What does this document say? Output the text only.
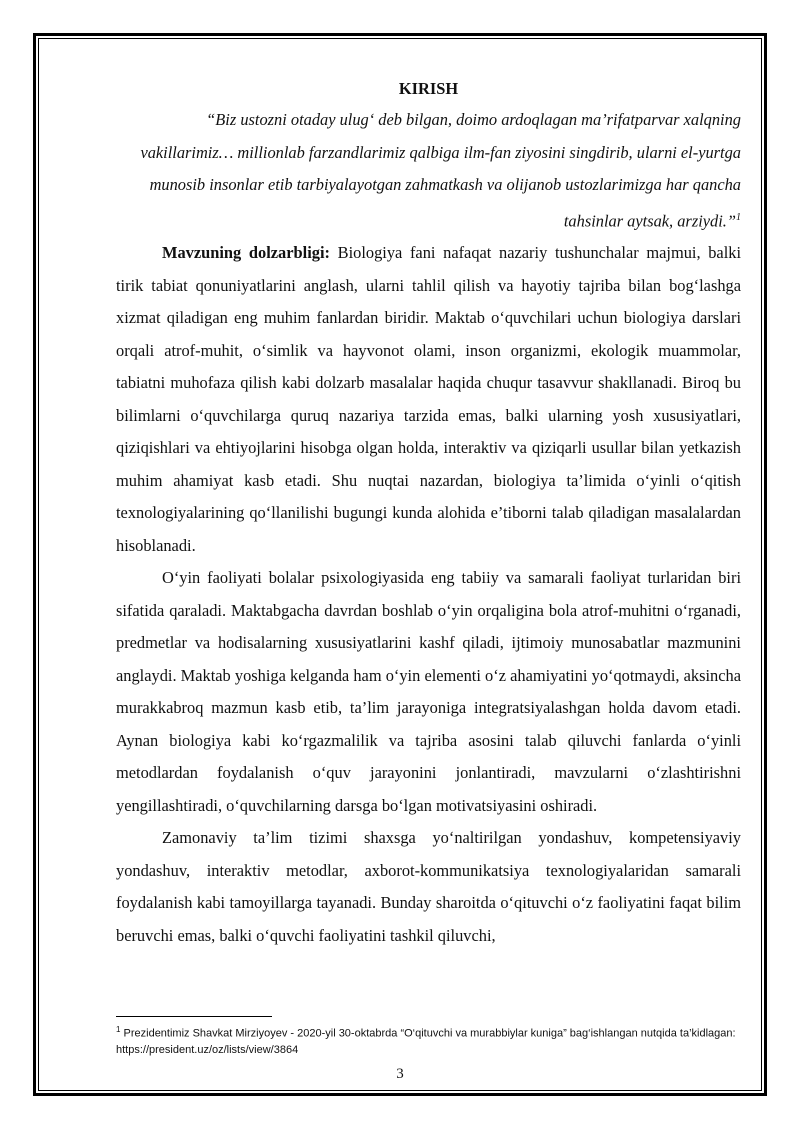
KIRISH
“Biz ustozni otaday ulug‘ deb bilgan, doimo ardoqlagan ma’rifatparvar xalqning vakillarimiz… millionlab farzandlarimiz qalbiga ilm-fan ziyosini singdirib, ularni el-yurtga munosib insonlar etib tarbiyalayotgan zahmatkash va olijanob ustozlarimizga har qancha tahsinlar aytsak, arziydi.”$^1$

Mavzuning dolzarbligi: Biologiya fani nafaqat nazariy tushunchalar majmui, balki tirik tabiat qonuniyatlarini anglash, ularni tahlil qilish va hayotiy tajriba bilan bog‘lashga xizmat qiladigan eng muhim fanlardan biridir. Maktab o‘quvchilari uchun biologiya darslari orqali atrof-muhit, o‘simlik va hayvonot olami, inson organizmi, ekologik muammolar, tabiatni muhofaza qilish kabi dolzarb masalalar haqida chuqur tasavvur shakllanadi. Biroq bu bilimlarni o‘quvchilarga quruq nazariya tarzida emas, balki ularning yosh xususiyatlari, qiziqishlari va ehtiyojlarini hisobga olgan holda, interaktiv va qiziqarli usullar bilan yetkazish muhim ahamiyat kasb etadi. Shu nuqtai nazardan, biologiya ta’limida o‘yinli o‘qitish texnologiyalarining qo‘llanilishi bugungi kunda alohida e’tiborni talab qiladigan masalalardan hisoblanadi.

O‘yin faoliyati bolalar psixologiyasida eng tabiiy va samarali faoliyat turlaridan biri sifatida qaraladi. Maktabgacha davrdan boshlab o‘yin orqaligina bola atrof-muhitni o‘rganadi, predmetlar va hodisalarning xususiyatlarini kashf qiladi, ijtimoiy munosabatlar mazmunini anglaydi. Maktab yoshiga kelganda ham o‘yin elementi o‘z ahamiyatini yo‘qotmaydi, aksincha murakkabroq mazmun kasb etib, ta’lim jarayoniga integratsiyalashgan holda davom etadi. Aynan biologiya kabi ko‘rgazmalilik va tajriba asosini talab qiluvchi fanlarda o‘yinli metodlardan foydalanish o‘quv jarayonini jonlantiradi, mavzularni o‘zlashtirishni yengillashtiradi, o‘quvchilarning darsga bo‘lgan motivatsiyasini oshiradi.

Zamonaviy ta’lim tizimi shaxsga yo‘naltirilgan yondashuv, kompetensiyaviy yondashuv, interaktiv metodlar, axborot-kommunikatsiya texnologiyalaridan samarali foydalanish kabi tamoyillarga tayanadi. Bunday sharoitda o‘qituvchi o‘z faoliyatini faqat bilim beruvchi emas, balki o‘quvchi faoliyatini tashkil qiluvchi,

$^1$ Prezidentimiz Shavkat Mirziyoyev - 2020-yil 30-oktabrda “O‘qituvchi va murabbiylar kuniga” bag‘ishlangan nutqida ta’kidlagan: https://president.uz/oz/lists/view/3864
3
